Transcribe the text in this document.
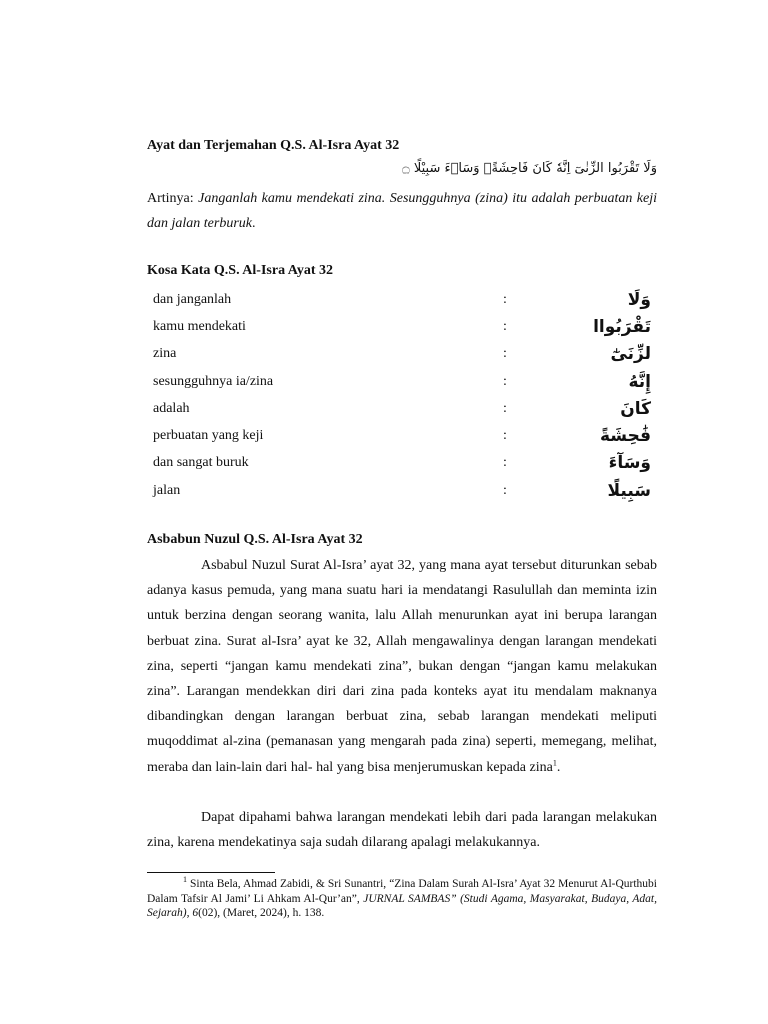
Ayat dan Terjemahan Q.S. Al-Isra Ayat 32
وَلَا تَقْرَبُوا الزِّنٰىٓ اِنَّهٗ كَانَ فَاحِشَةًۗ وَسَاۤءَ سَبِيْلًا ۝
Artinya: Janganlah kamu mendekati zina. Sesungguhnya (zina) itu adalah perbuatan keji dan jalan terburuk.
Kosa Kata Q.S. Al-Isra Ayat 32
dan janganlah	:	وَلَا
kamu mendekati	:	تَقْرَبُواا
zina	:	لزِّنَىٰٓ
sesungguhnya ia/zina	:	إِنَّهُ
adalah	:	كَانَ
perbuatan yang keji	:	فَٰحِشَةً
dan sangat buruk	:	وَسَآءَ
jalan	:	سَبِيلًا
Asbabun Nuzul Q.S. Al-Isra Ayat 32
Asbabul Nuzul Surat Al-Isra’ ayat 32, yang mana ayat tersebut diturunkan sebab adanya kasus pemuda, yang mana suatu hari ia mendatangi Rasulullah dan meminta izin untuk berzina dengan seorang wanita, lalu Allah menurunkan ayat ini berupa larangan berbuat zina. Surat al-Isra’ ayat ke 32, Allah mengawalinya dengan larangan mendekati zina, seperti “jangan kamu mendekati zina”, bukan dengan “jangan kamu melakukan zina”. Larangan mendekkan diri dari zina pada konteks ayat itu mendalam maknanya dibandingkan dengan larangan berbuat zina, sebab larangan mendekati meliputi muqoddimat al-zina (pemanasan yang mengarah pada zina) seperti, memegang, melihat, meraba dan lain-lain dari hal- hal yang bisa menjerumuskan kepada zina$^1$.
Dapat dipahami bahwa larangan mendekati lebih dari pada larangan melakukan zina, karena mendekatinya saja sudah dilarang apalagi melakukannya.
$^1$ Sinta Bela, Ahmad Zabidi, & Sri Sunantri, “Zina Dalam Surah Al-Isra’ Ayat 32 Menurut Al-Qurthubi Dalam Tafsir Al Jami’ Li Ahkam Al-Qur’an”, JURNAL SAMBAS” (Studi Agama, Masyarakat, Budaya, Adat, Sejarah), 6(02), (Maret, 2024), h. 138.
